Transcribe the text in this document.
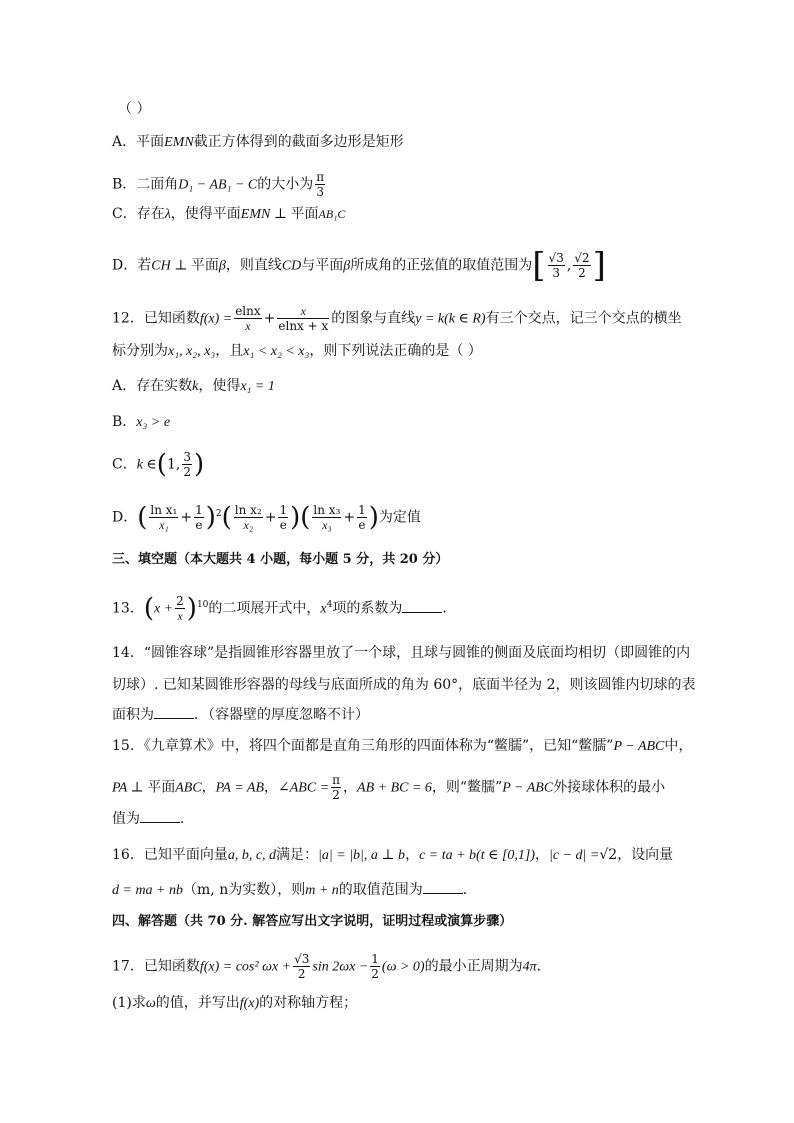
（ ）
A．平面EMN截正方体得到的截面多边形是矩形
B．二面角D₁ − AB₁ − C的大小为 $\frac{\pi}{3}$
C．存在λ，使得平面EMN ⊥ 平面AB₁C
D．若CH ⊥ 平面β，则直线CD与平面β所成角的正弦值的取值范围为[ $\frac{√3}{3}$ , $\frac{√2}{2}$ ]
12．已知函数$f(x) = \frac{elnx}{x} + \frac{x}{elnx + x}$ 的图象与直线y = k(k ∈ R)有三个交点，记三个交点的横坐
标分别为x₁, x₂, x₃，且x₁ < x₂ < x₃，则下列说法正确的是（ ）
A．存在实数k，使得x₁ = 1
B．x₃ > e
C．k ∈(1, $\frac{3}{2}$ )
D．( $\frac{\text{ln x₁}}{\text{x₁}} + \frac{1}{e} )^2( \frac{\text{ln x₂}}{\text{x₂}} + \frac{1}{e}$ )( $\frac{\text{ln x₃}}{\text{x₃}} + \frac{1}{e}$ )为定值
三、填空题（本大题共 4 小题，每小题 5 分，共 20 分）
13．$(x + \frac{2}{x} )^{10}$的二项展开式中，$x^4$项的系数为	．
14．“圆锥容球”是指圆锥形容器里放了一个球，且球与圆锥的侧面及底面均相切（即圆锥的内
切球）. 已知某圆锥形容器的母线与底面所成的角为 60°，底面半径为 2，则该圆锥内切球的表
面积为	．（容器壁的厚度忽略不计）
15．《九章算术》中，将四个面都是直角三角形的四面体称为“鳖臑”，已知“鳖臑”P − ABC中，
PA ⊥ 平面ABC，PA = AB，∠ABC = $\frac{\pi}{2}$ ，AB + BC = 6，则“鳖臑”P − ABC外接球体积的最小
值为	．
16．已知平面向量a, b, c, d满足：|a| = |b|, a ⊥ b，c = ta + b(t ∈ [0,1])，|c − d| =√2，设向量
d = ma + nb（m, n为实数），则m + n的取值范围为	．
四、解答题（共 70 分. 解答应写出文字说明，证明过程或演算步骤）
17．已知函数f(x) = cos² $\omega x + \frac{√3}{2}$ $\sin 2\omega x - \frac{1}{2} (\omega > 0)$的最小正周期为4π．
(1)求ω的值，并写出f(x)的对称轴方程；
